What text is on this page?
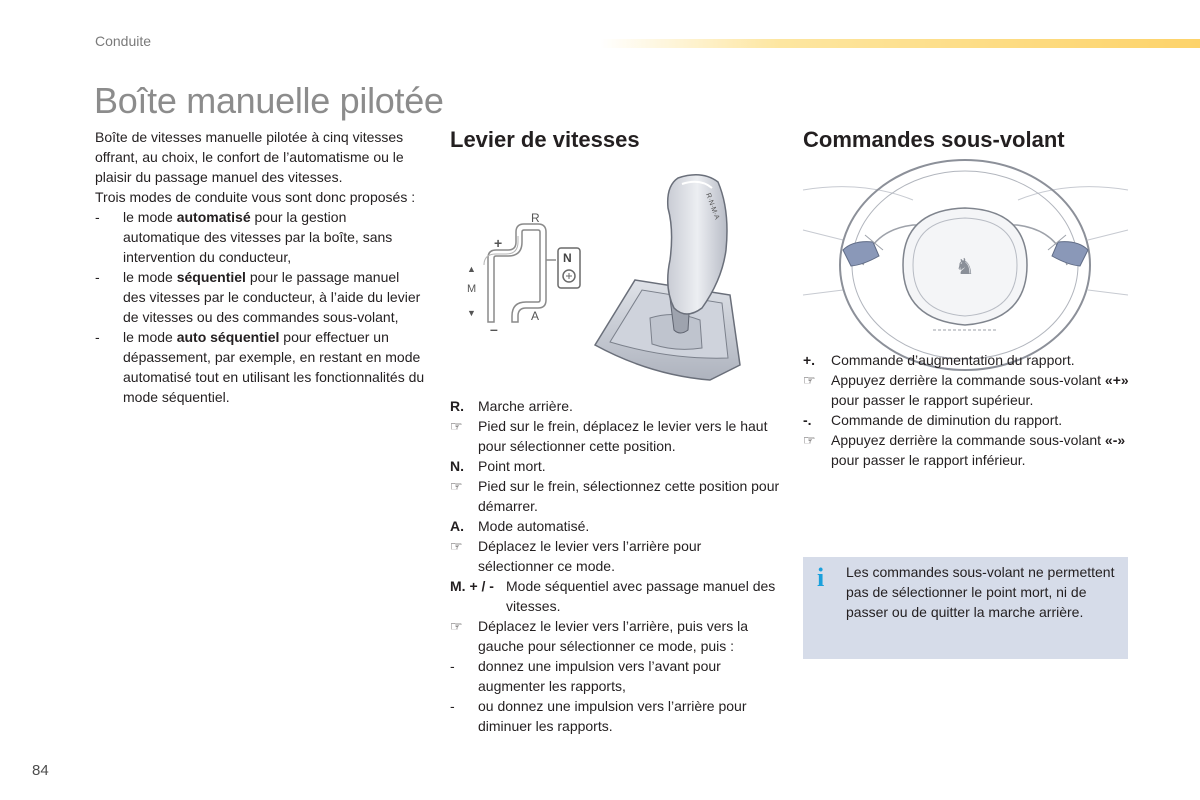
Conduite
Boîte manuelle pilotée

Boîte de vitesses manuelle pilotée à cinq vitesses offrant, au choix, le confort de l’automatisme ou le plaisir du passage manuel des vitesses.

Trois modes de conduite vous sont donc proposés :

-	le mode automatisé pour la gestion automatique des vitesses par la boîte, sans intervention du conducteur,
-	le mode séquentiel pour le passage manuel des vitesses par le conducteur, à l’aide du levier de vitesses ou des commandes sous-volant,
-	le mode auto séquentiel pour effectuer un dépassement, par exemple, en restant en mode automatisé tout en utilisant les fonctionnalités du mode séquentiel.
Levier de vitesses
R
+
M
N
A
–
▲
▼
R·N·M·A
R. Marche arrière.
☞ Pied sur le frein, déplacez le levier vers le haut pour sélectionner cette position.
N. Point mort.
☞ Pied sur le frein, sélectionnez cette position pour démarrer.
A. Mode automatisé.
☞ Déplacez le levier vers l’arrière pour sélectionner ce mode.
M. + / - Mode séquentiel avec passage manuel des vitesses.
☞ Déplacez le levier vers l’arrière, puis vers la gauche pour sélectionner ce mode, puis :
- donnez une impulsion vers l’avant pour augmenter les rapports,
- ou donnez une impulsion vers l’arrière pour diminuer les rapports.
Commandes sous-volant
♞
+. Commande d’augmentation du rapport.
☞ Appuyez derrière la commande sous-volant «+» pour passer le rapport supérieur.
-. Commande de diminution du rapport.
☞ Appuyez derrière la commande sous-volant «-» pour passer le rapport inférieur.
i Les commandes sous-volant ne permettent pas de sélectionner le point mort, ni de passer ou de quitter la marche arrière.
84
